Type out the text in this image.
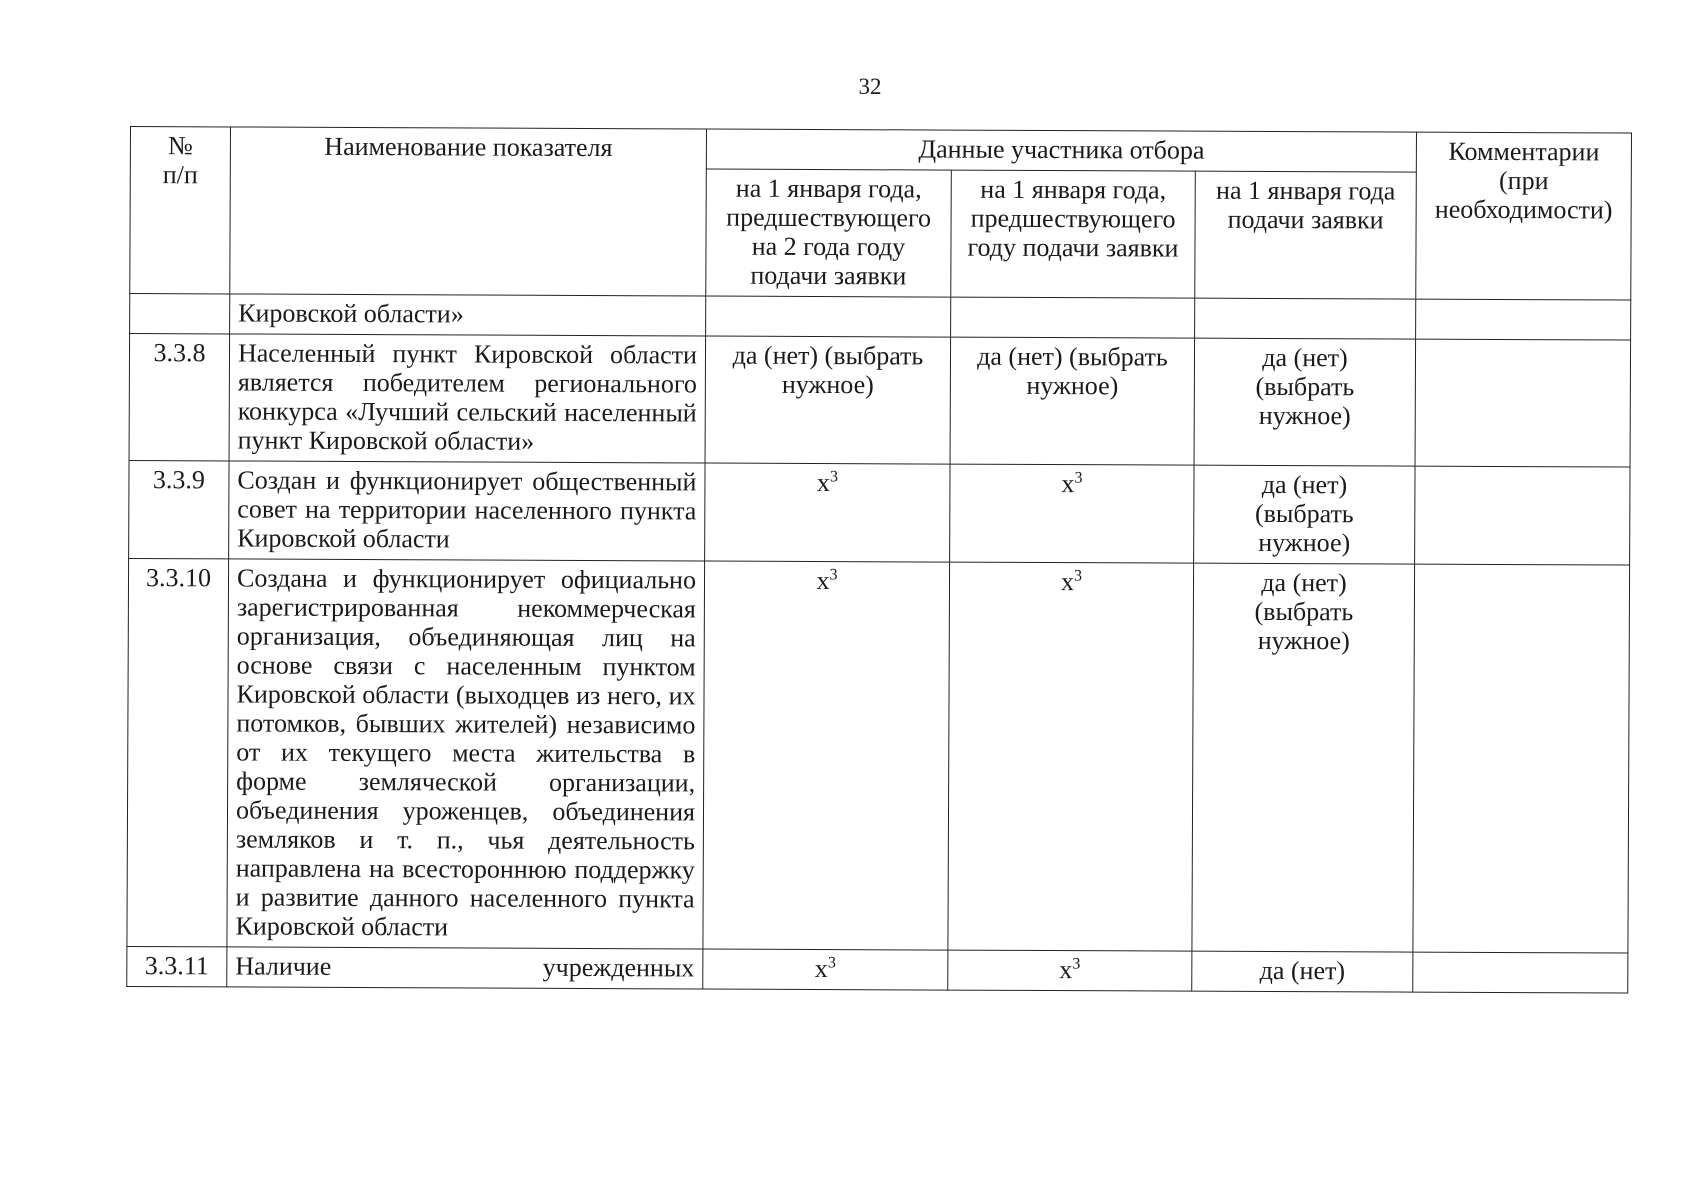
32
№
п/п	Наименование показателя	Данные участника отбора			Комментарии (при необходимости)
		на 1 января года, предшествующего на 2 года году подачи заявки	на 1 января года, предшествующего году подачи заявки	на 1 января года подачи заявки	
	Кировской области»				
3.3.8	Населенный пункт Кировской области является победителем регионального конкурса «Лучший сельский населенный пункт Кировской области»	да (нет) (выбрать нужное)	да (нет) (выбрать нужное)	да (нет) (выбрать нужное)	
3.3.9	Создан и функционирует общественный совет на территории населенного пункта Кировской области	$x^3$	$x^3$	да (нет) (выбрать нужное)	
3.3.10	Создана и функционирует официально зарегистрированная некоммерческая организация, объединяющая лиц на основе связи с населенным пунктом Кировской области (выходцев из него, их потомков, бывших жителей) независимо от их текущего места жительства в форме земляческой организации, объединения уроженцев, объединения земляков и т. п., чья деятельность направлена на всестороннюю поддержку и развитие данного населенного пункта Кировской области	$x^3$	$x^3$	да (нет) (выбрать нужное)	
3.3.11	Наличие учрежденных	$x^3$	$x^3$	да (нет)	
